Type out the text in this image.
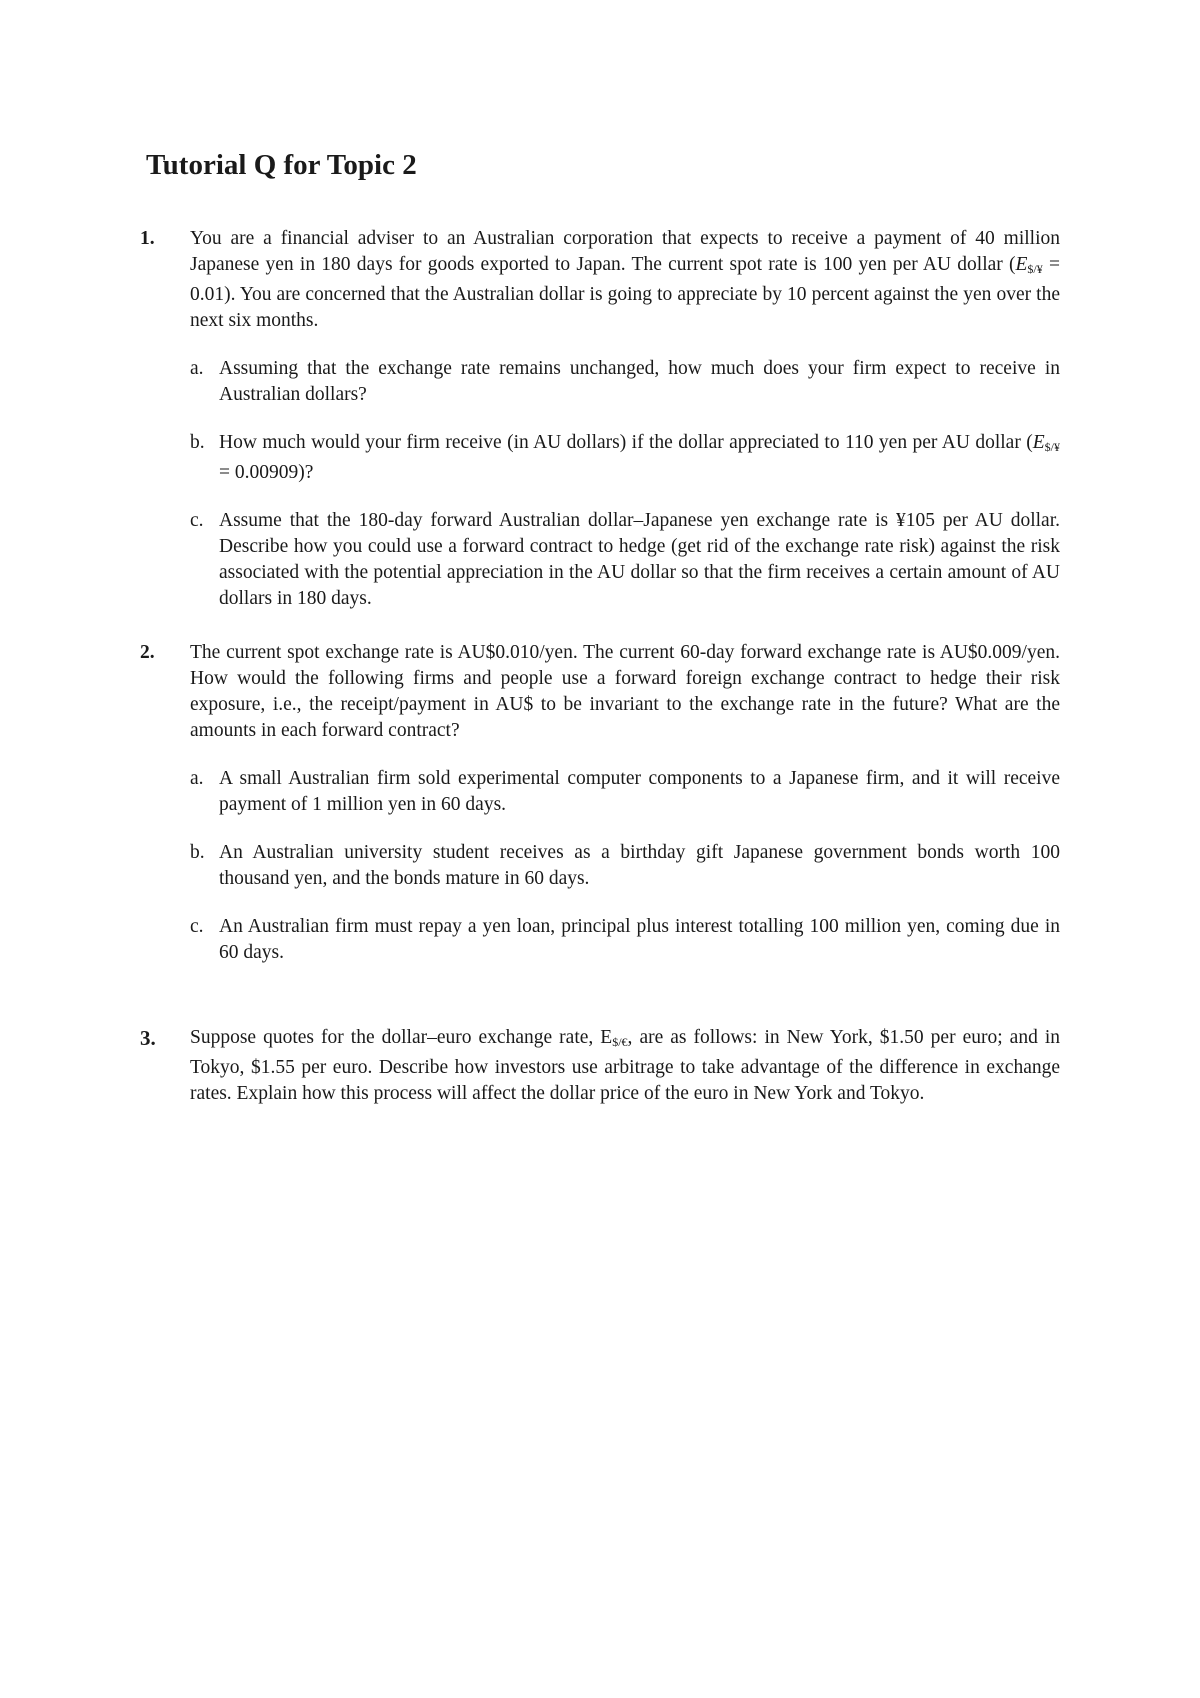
Tutorial Q for Topic 2
1. You are a financial adviser to an Australian corporation that expects to receive a payment of 40 million Japanese yen in 180 days for goods exported to Japan. The current spot rate is 100 yen per AU dollar (E$/¥ = 0.01). You are concerned that the Australian dollar is going to appreciate by 10 percent against the yen over the next six months.
a. Assuming that the exchange rate remains unchanged, how much does your firm expect to receive in Australian dollars?
b. How much would your firm receive (in AU dollars) if the dollar appreciated to 110 yen per AU dollar (E$/¥ = 0.00909)?
c. Assume that the 180-day forward Australian dollar–Japanese yen exchange rate is ¥105 per AU dollar. Describe how you could use a forward contract to hedge (get rid of the exchange rate risk) against the risk associated with the potential appreciation in the AU dollar so that the firm receives a certain amount of AU dollars in 180 days.
2. The current spot exchange rate is AU$0.010/yen. The current 60-day forward exchange rate is AU$0.009/yen. How would the following firms and people use a forward foreign exchange contract to hedge their risk exposure, i.e., the receipt/payment in AU$ to be invariant to the exchange rate in the future? What are the amounts in each forward contract?
a. A small Australian firm sold experimental computer components to a Japanese firm, and it will receive payment of 1 million yen in 60 days.
b. An Australian university student receives as a birthday gift Japanese government bonds worth 100 thousand yen, and the bonds mature in 60 days.
c. An Australian firm must repay a yen loan, principal plus interest totalling 100 million yen, coming due in 60 days.
3. Suppose quotes for the dollar–euro exchange rate, E$/€, are as follows: in New York, $1.50 per euro; and in Tokyo, $1.55 per euro. Describe how investors use arbitrage to take advantage of the difference in exchange rates. Explain how this process will affect the dollar price of the euro in New York and Tokyo.
